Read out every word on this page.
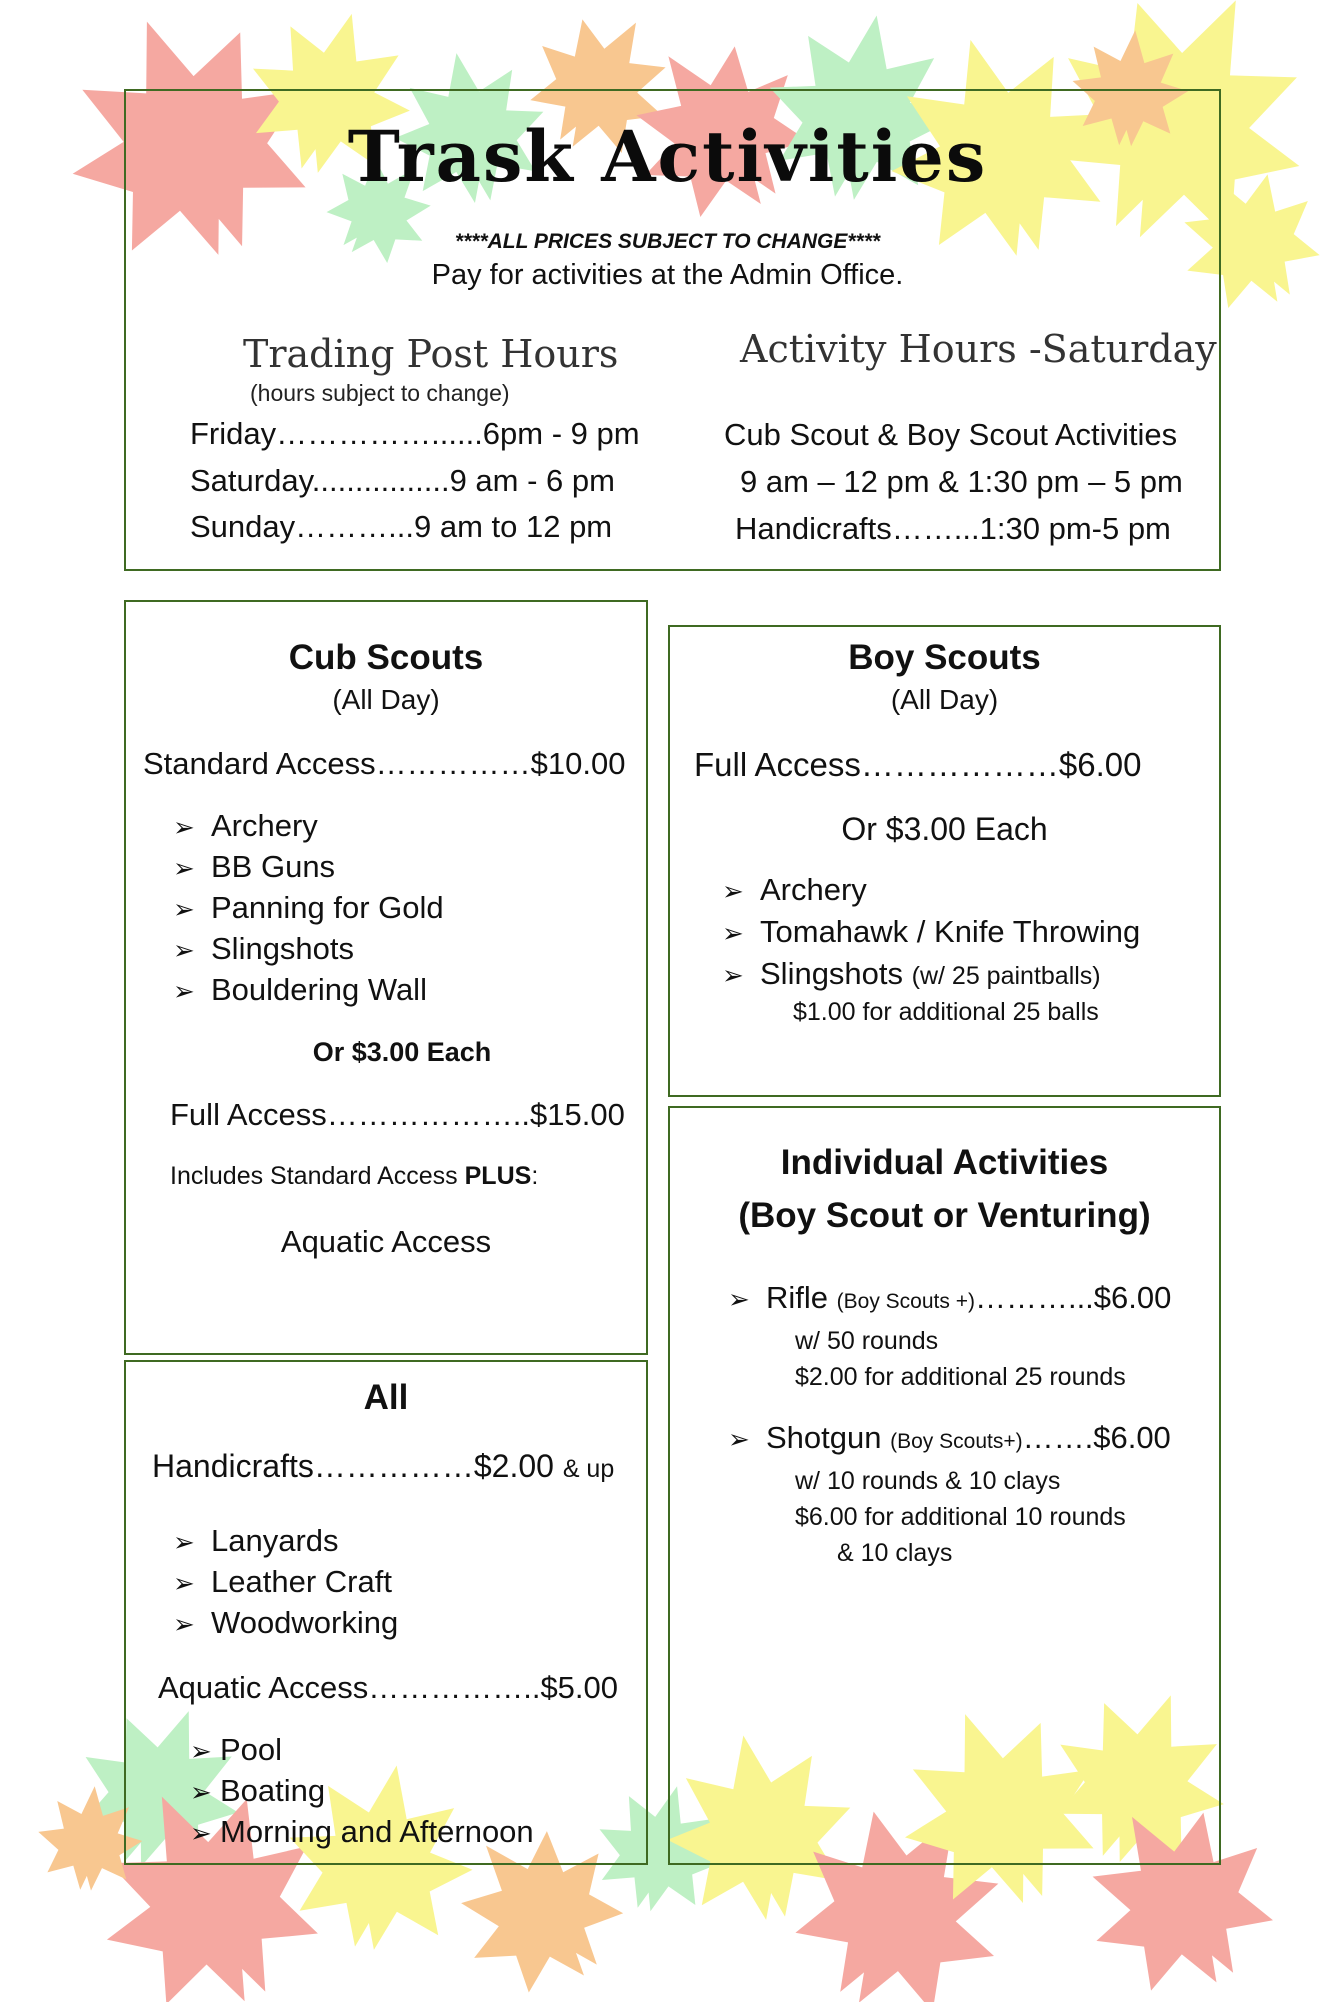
Trask Activities
****ALL PRICES SUBJECT TO CHANGE****
Pay for activities at the Admin Office.
Trading Post Hours
(hours subject to change)
Friday……………......6pm - 9 pm
Saturday................9 am - 6 pm
Sunday………...9 am to 12 pm
Activity Hours -Saturday
Cub Scout & Boy Scout Activities
9 am – 12 pm & 1:30 pm – 5 pm
Handicrafts……...1:30 pm-5 pm
Cub Scouts
(All Day)
Standard Access……………$10.00
➢ Archery
➢ BB Guns
➢ Panning for Gold
➢ Slingshots
➢ Bouldering Wall
Or $3.00 Each
Full Access………………..$15.00
Includes Standard Access PLUS:
Aquatic Access
All
Handicrafts……………$2.00 & up
➢ Lanyards
➢ Leather Craft
➢ Woodworking
Aquatic Access……………..$5.00
➢ Pool
➢ Boating
➢ Morning and Afternoon
Boy Scouts
(All Day)
Full Access………………$6.00
Or $3.00 Each
➢ Archery
➢ Tomahawk / Knife Throwing
➢ Slingshots (w/ 25 paintballs)
$1.00 for additional 25 balls
Individual Activities
(Boy Scout or Venturing)
➢ Rifle (Boy Scouts +)………...$6.00
w/ 50 rounds
$2.00 for additional 25 rounds
➢ Shotgun (Boy Scouts+)…….$6.00
w/ 10 rounds & 10 clays
$6.00 for additional 10 rounds
& 10 clays
